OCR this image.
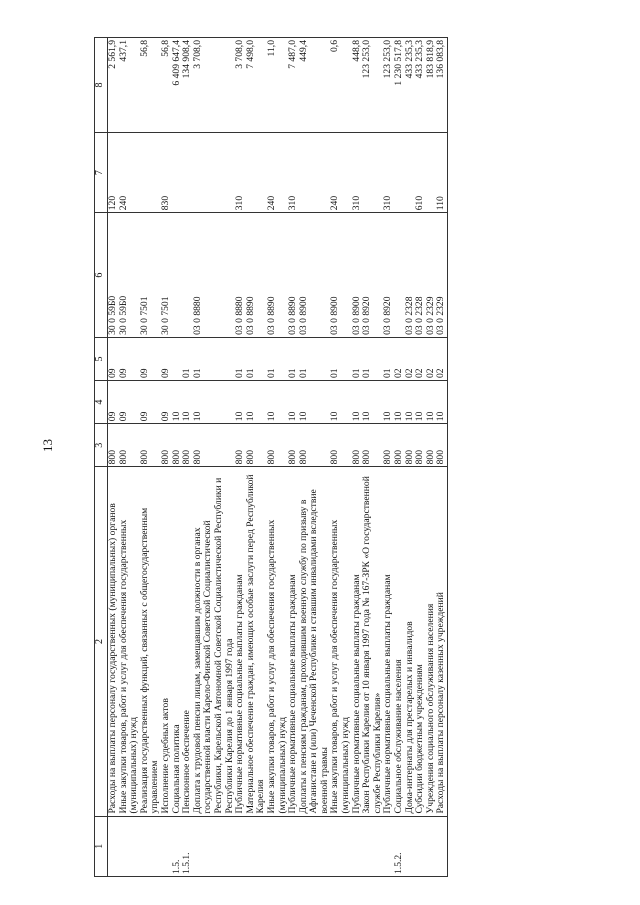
13
1	2	3	4	5	6	7	8
	Расходы на выплаты персоналу государственных (муниципальных) органов	800	09	09	30 0 59Б0	120	2 561,9
	Иные закупки товаров, работ и услуг для обеспечения государственных (муниципальных) нужд	800	09	09	30 0 59Б0	240	437,1
	Реализация государственных функций, связанных с общегосударственным управлением	800	09	09	30 0 7501		56,8
	Исполнение судебных актов	800	09	09	30 0 7501	830	56,8
1.5.	Социальная политика	800	10				6 409 647,4
1.5.1.	Пенсионное обеспечение	800	10	01			134 908,4
	Доплата к трудовой пенсии лицам, замещавшим должности в органах государственной власти Карело-Финской Советской Социалистической Республики, Карельской Автономной Советской Социалистической Республики и Республики Карелия до 1 января 1997 года	800	10	01	03 0 8880		3 708,0
	Публичные нормативные социальные выплаты гражданам	800	10	01	03 0 8880	310	3 708,0
	Материальное обеспечение граждан, имеющих особые заслуги перед Республикой Карелия	800	10	01	03 0 8890		7 498,0
	Иные закупки товаров, работ и услуг для обеспечения государственных (муниципальных) нужд	800	10	01	03 0 8890	240	11,0
	Публичные нормативные социальные выплаты гражданам	800	10	01	03 0 8890	310	7 487,0
	Доплаты к пенсиям гражданам, проходившим военную службу по призыву в Афганистане и (или) Чеченской Республике и ставшим инвалидами вследствие военной травмы	800	10	01	03 0 8900		449,4
	Иные закупки товаров, работ и услуг для обеспечения государственных (муниципальных) нужд	800	10	01	03 0 8900	240	0,6
	Публичные нормативные социальные выплаты гражданам	800	10	01	03 0 8900	310	448,8
	Закон Республики Карелия от 10 января 1997 года № 167-ЗРК «О государственной службе Республики Карелия»	800	10	01	03 0 8920		123 253,0
	Публичные нормативные социальные выплаты гражданам	800	10	01	03 0 8920	310	123 253,0
1.5.2.	Социальное обслуживание населения	800	10	02			1 230 517,8
	Дома-интернаты для престарелых и инвалидов	800	10	02	03 0 2328		433 235,3
	Субсидии бюджетным учреждениям	800	10	02	03 0 2328	610	433 235,3
	Учреждения социального обслуживания населения	800	10	02	03 0 2329		183 818,9
	Расходы на выплаты персоналу казенных учреждений	800	10	02	03 0 2329	110	136 083,8
